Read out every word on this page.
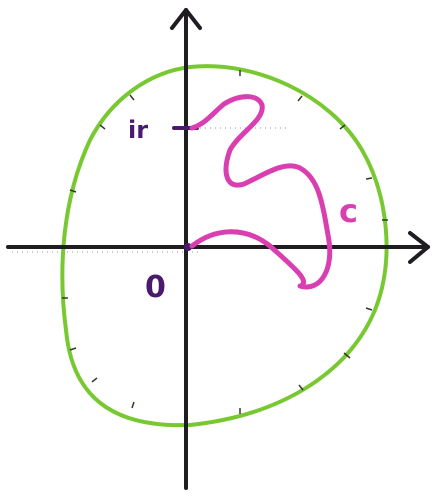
0
ir
c
